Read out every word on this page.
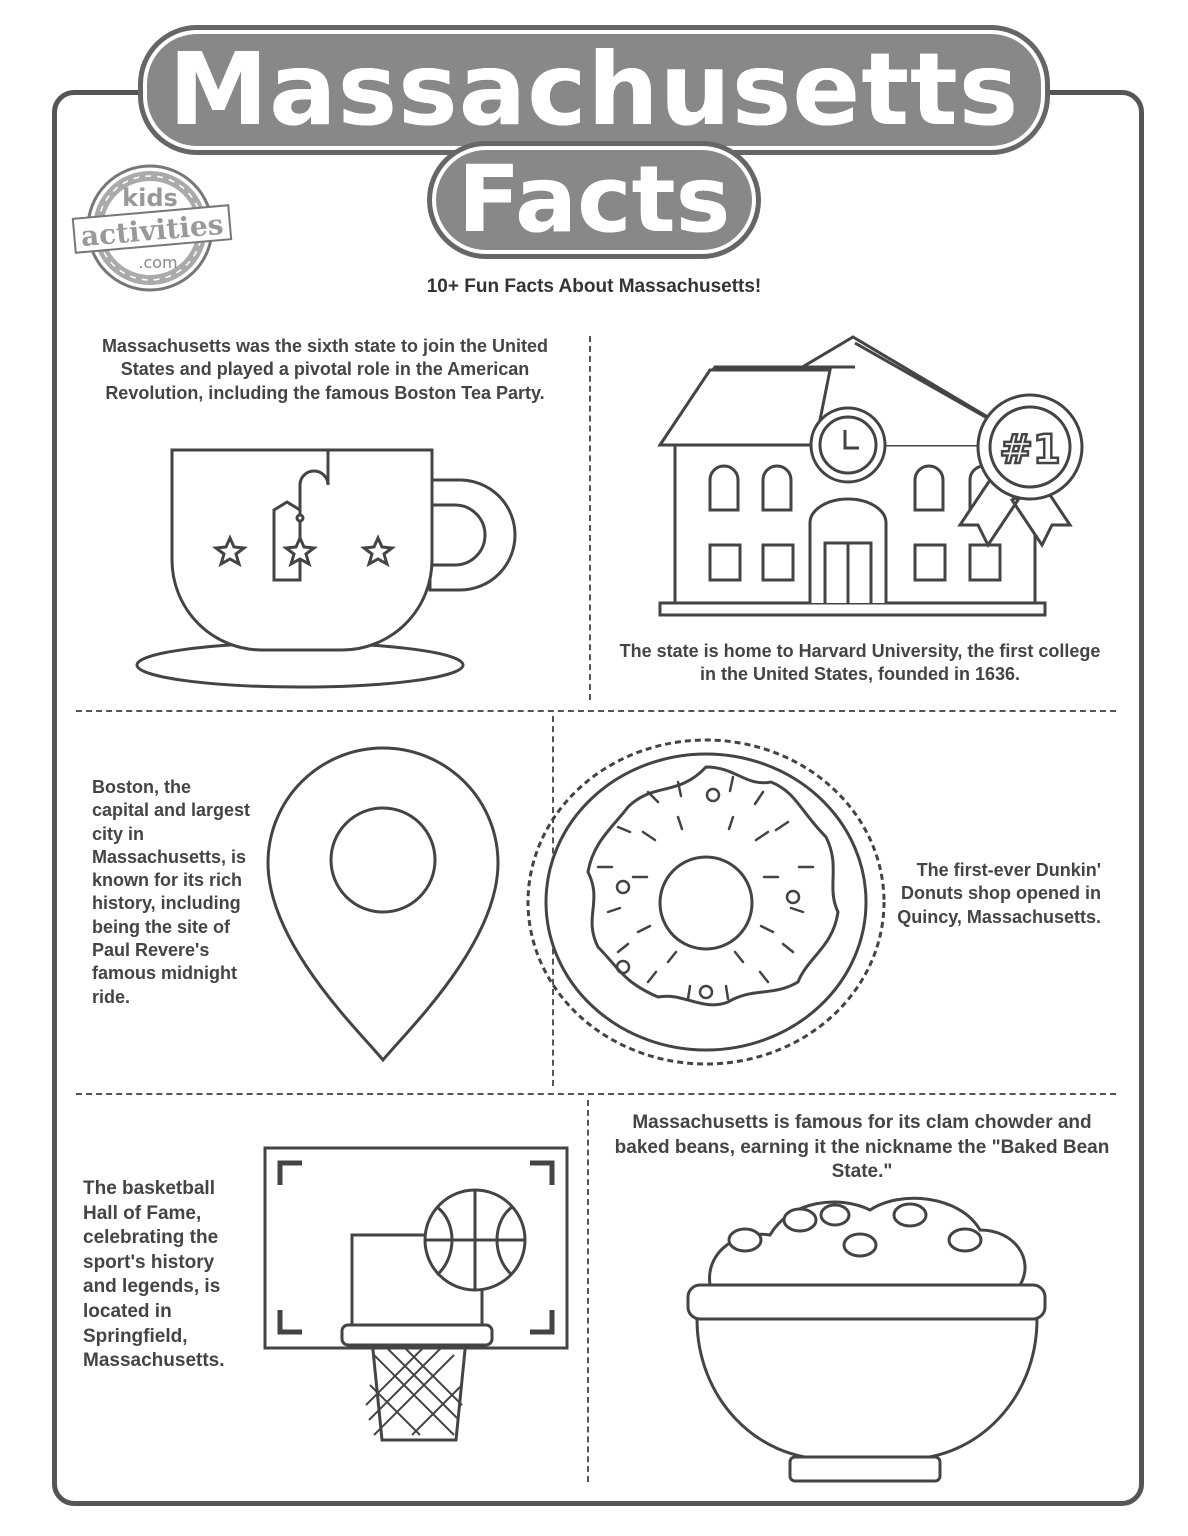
Massachusetts
Facts
kids
activities
.com
10+ Fun Facts About Massachusetts!
Massachusetts was the sixth state to join the United States and played a pivotal role in the American Revolution, including the famous Boston Tea Party.
The state is home to Harvard University, the first college in the United States, founded in 1636.
Boston, the capital and largest city in Massachusetts, is known for its rich history, including being the site of Paul Revere's famous midnight ride.
The first-ever Dunkin' Donuts shop opened in Quincy, Massachusetts.
The basketball Hall of Fame, celebrating the sport's history and legends, is located in Springfield, Massachusetts.
Massachusetts is famous for its clam chowder and baked beans, earning it the nickname the "Baked Bean State."
#1
